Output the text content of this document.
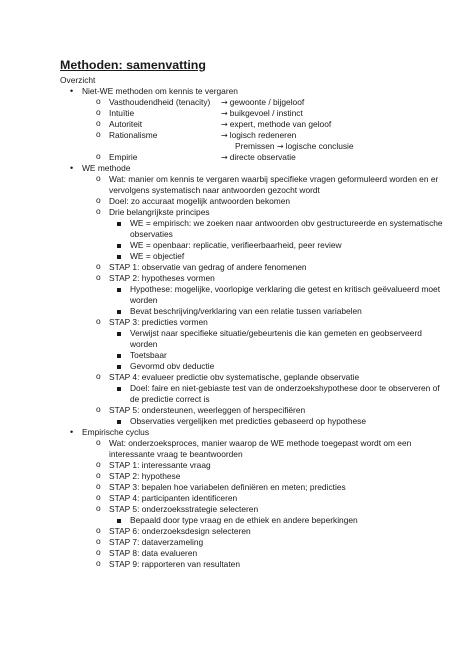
Methoden: samenvatting
Overzicht
• Niet-WE methoden om kennis te vergaren
o Vasthoudendheid (tenacity) → gewoonte / bijgeloof
o Intuïtie	→ buikgevoel / instinct
o Autoriteit	→ expert, methode van geloof
o Rationalisme	→ logisch redeneren
Premissen → logische conclusie
o Empirie	→ directe observatie
• WE methode
o Wat: manier om kennis te vergaren waarbij specifieke vragen geformuleerd worden en er vervolgens systematisch naar antwoorden gezocht wordt
o Doel: zo accuraat mogelijk antwoorden bekomen
o Drie belangrijkste principes
WE = empirisch: we zoeken naar antwoorden obv gestructureerde en systematische observaties
WE = openbaar: replicatie, verifieerbaarheid, peer review
WE = objectief
o STAP 1: observatie van gedrag of andere fenomenen
o STAP 2: hypotheses vormen
Hypothese: mogelijke, voorlopige verklaring die getest en kritisch geëvalueerd moet worden
Bevat beschrijving/verklaring van een relatie tussen variabelen
o STAP 3: predicties vormen
Verwijst naar specifieke situatie/gebeurtenis die kan gemeten en geobserveerd worden
Toetsbaar
Gevormd obv deductie
o STAP 4: evalueer predictie obv systematische, geplande observatie
Doel: faire en niet-gebiaste test van de onderzoekshypothese door te observeren of de predictie correct is
o STAP 5: ondersteunen, weerleggen of herspecifiëren
Observaties vergelijken met predicties gebaseerd op hypothese
• Empirische cyclus
o Wat: onderzoeksproces, manier waarop de WE methode toegepast wordt om een interessante vraag te beantwoorden
o STAP 1: interessante vraag
o STAP 2: hypothese
o STAP 3: bepalen hoe variabelen definiëren en meten; predicties
o STAP 4: participanten identificeren
o STAP 5: onderzoeksstrategie selecteren
Bepaald door type vraag en de ethiek en andere beperkingen
o STAP 6: onderzoeksdesign selecteren
o STAP 7: dataverzameling
o STAP 8: data evalueren
o STAP 9: rapporteren van resultaten
